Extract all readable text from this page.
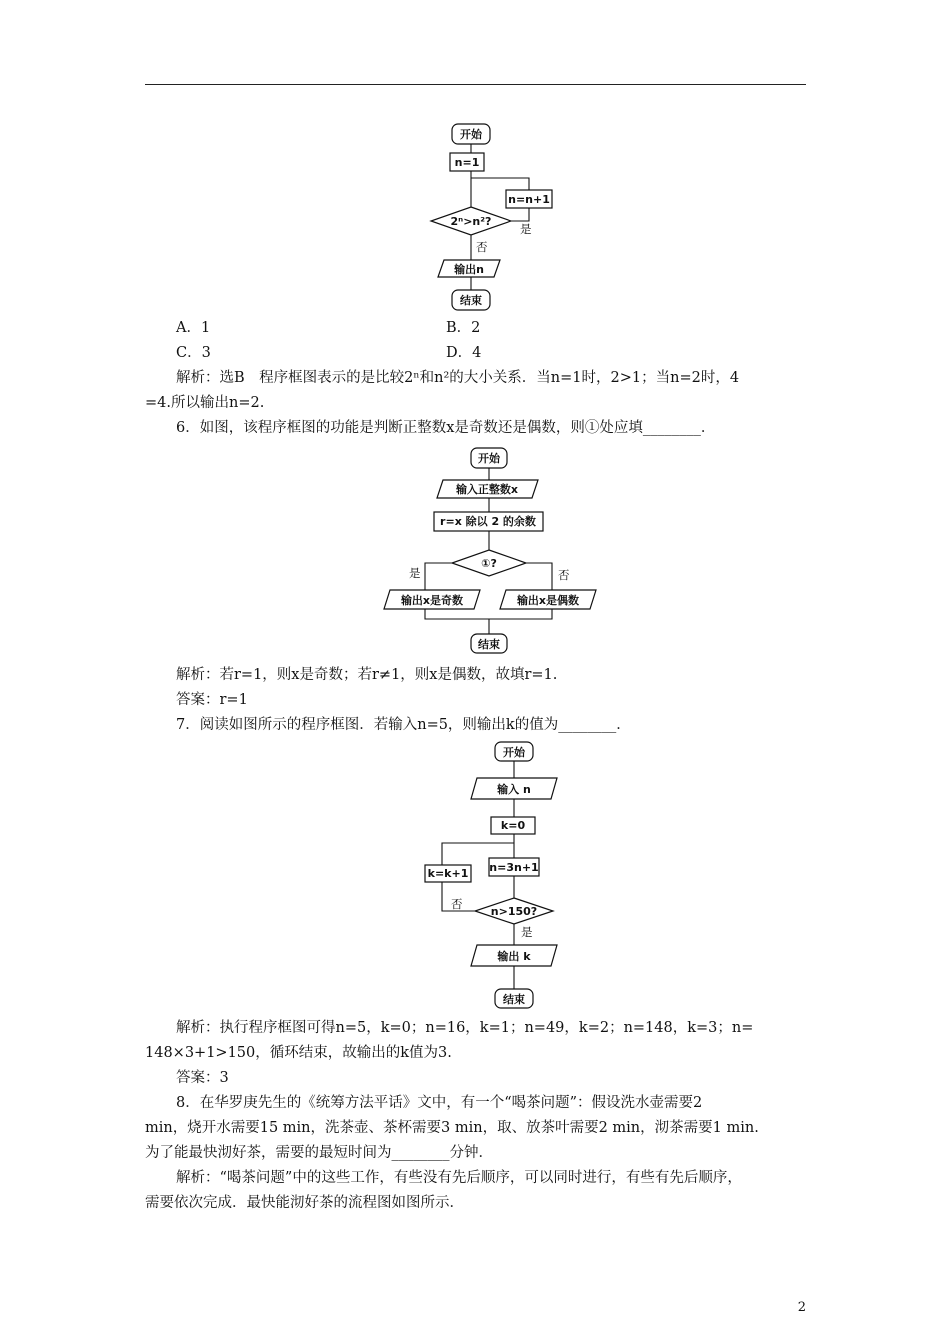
开始
n=1
n=n+1
2ⁿ>n²?
是
否
输出n
结束
A．1	B．2
C．3	D．4
解析：选B　程序框图表示的是比较2ⁿ和n²的大小关系．当n=1时，2>1；当n=2时，4
=4.所以输出n=2.
6．如图，该程序框图的功能是判断正整数x是奇数还是偶数，则①处应填________．
开始
输入正整数x
r=x 除以 2 的余数
①?
是	否
输出x是奇数	输出x是偶数
结束
解析：若r=1，则x是奇数；若r≠1，则x是偶数，故填r=1.
答案：r=1
7．阅读如图所示的程序框图．若输入n=5，则输出k的值为________．
开始
输入 n
k=0
k=k+1 n=3n+1
n>150?
否
是
输出 k
结束
解析：执行程序框图可得n=5，k=0；n=16，k=1；n=49，k=2；n=148，k=3；n=
148×3+1>150，循环结束，故输出的k值为3.
答案：3
8．在华罗庚先生的《统筹方法平话》文中，有一个“喝茶问题”：假设洗水壶需要2
min，烧开水需要15 min，洗茶壶、茶杯需要3 min，取、放茶叶需要2 min，沏茶需要1 min.
为了能最快沏好茶，需要的最短时间为________分钟．
解析：“喝茶问题”中的这些工作，有些没有先后顺序，可以同时进行，有些有先后顺序，
需要依次完成．最快能沏好茶的流程图如图所示．
2
